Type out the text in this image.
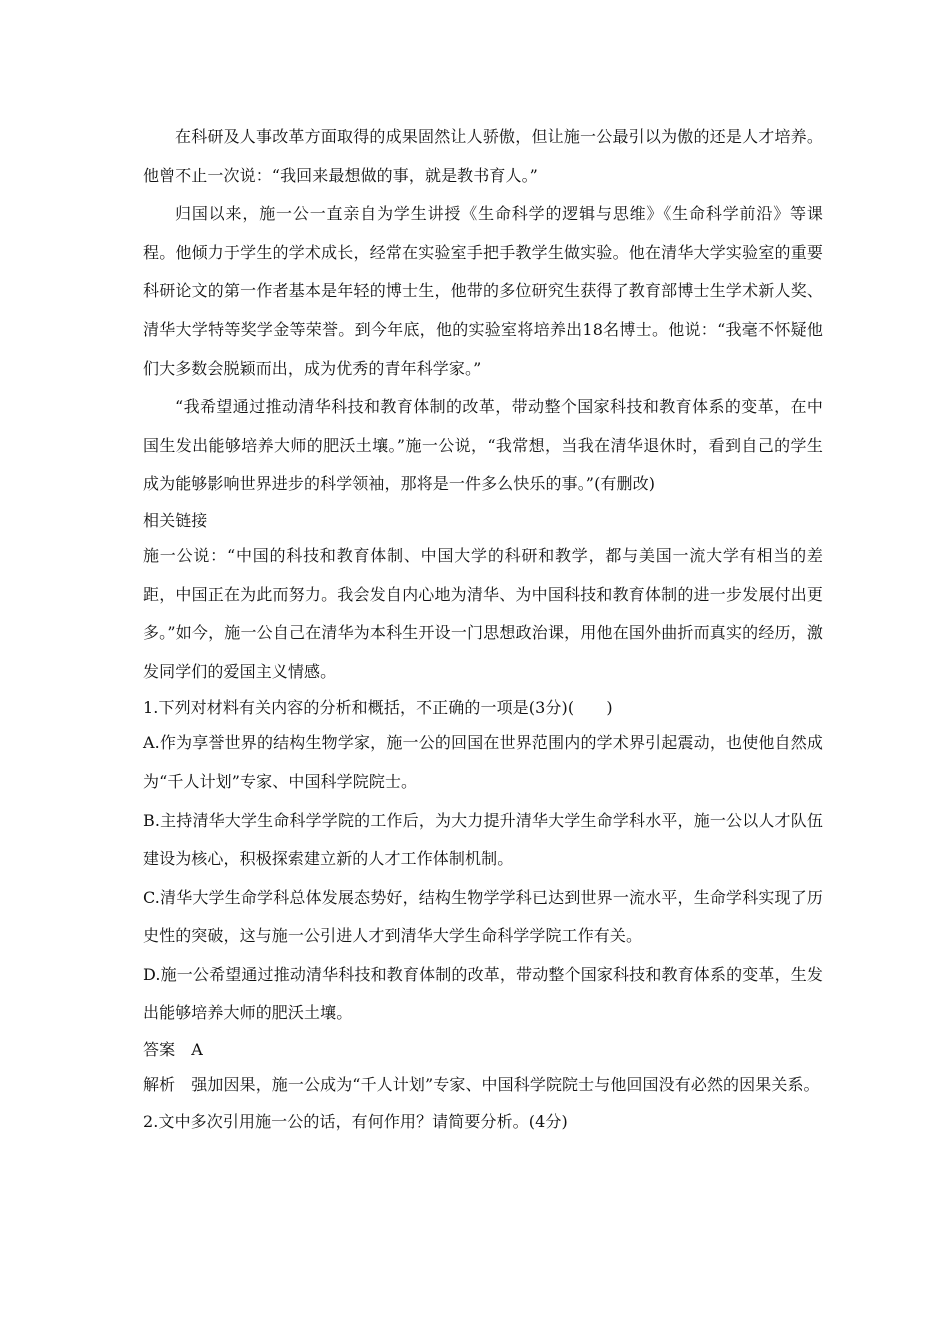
在科研及人事改革方面取得的成果固然让人骄傲，但让施一公最引以为傲的还是人才培养。他曾不止一次说：“我回来最想做的事，就是教书育人。”

归国以来，施一公一直亲自为学生讲授《生命科学的逻辑与思维》《生命科学前沿》等课程。他倾力于学生的学术成长，经常在实验室手把手教学生做实验。他在清华大学实验室的重要科研论文的第一作者基本是年轻的博士生，他带的多位研究生获得了教育部博士生学术新人奖、清华大学特等奖学金等荣誉。到今年底，他的实验室将培养出18名博士。他说：“我毫不怀疑他们大多数会脱颖而出，成为优秀的青年科学家。”

“我希望通过推动清华科技和教育体制的改革，带动整个国家科技和教育体系的变革，在中国生发出能够培养大师的肥沃土壤。”施一公说，“我常想，当我在清华退休时，看到自己的学生成为能够影响世界进步的科学领袖，那将是一件多么快乐的事。”(有删改)

相关链接

施一公说：“中国的科技和教育体制、中国大学的科研和教学，都与美国一流大学有相当的差距，中国正在为此而努力。我会发自内心地为清华、为中国科技和教育体制的进一步发展付出更多。”如今，施一公自己在清华为本科生开设一门思想政治课，用他在国外曲折而真实的经历，激发同学们的爱国主义情感。

1.下列对材料有关内容的分析和概括，不正确的一项是(3分)(　　)

A.作为享誉世界的结构生物学家，施一公的回国在世界范围内的学术界引起震动，也使他自然成为“千人计划”专家、中国科学院院士。

B.主持清华大学生命科学学院的工作后，为大力提升清华大学生命学科水平，施一公以人才队伍建设为核心，积极探索建立新的人才工作体制机制。

C.清华大学生命学科总体发展态势好，结构生物学学科已达到世界一流水平，生命学科实现了历史性的突破，这与施一公引进人才到清华大学生命科学学院工作有关。

D.施一公希望通过推动清华科技和教育体制的改革，带动整个国家科技和教育体系的变革，生发出能够培养大师的肥沃土壤。

答案　A

解析　强加因果，施一公成为“千人计划”专家、中国科学院院士与他回国没有必然的因果关系。

2.文中多次引用施一公的话，有何作用？请简要分析。(4分)
